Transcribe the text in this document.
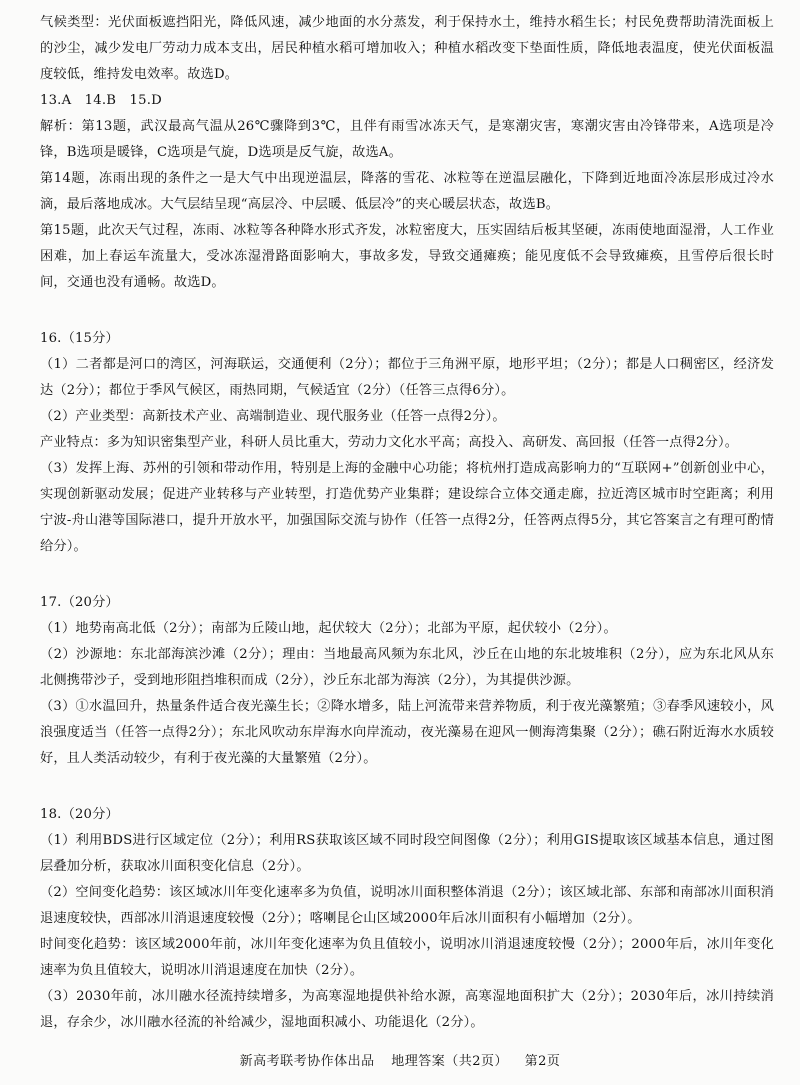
气候类型：光伏面板遮挡阳光，降低风速，减少地面的水分蒸发，利于保持水土，维持水稻生长；村民免费帮助清洗面板上的沙尘，减少发电厂劳动力成本支出，居民种植水稻可增加收入；种植水稻改变下垫面性质，降低地表温度，使光伏面板温度较低，维持发电效率。故选D。

13.A　14.B　15.D

解析：第13题，武汉最高气温从26℃骤降到3℃，且伴有雨雪冰冻天气，是寒潮灾害，寒潮灾害由冷锋带来，A选项是冷锋，B选项是暖锋，C选项是气旋，D选项是反气旋，故选A。

第14题，冻雨出现的条件之一是大气中出现逆温层，降落的雪花、冰粒等在逆温层融化，下降到近地面冷冻层形成过冷水滴，最后落地成冰。大气层结呈现“高层冷、中层暖、低层冷”的夹心暖层状态，故选B。

第15题，此次天气过程，冻雨、冰粒等各种降水形式齐发，冰粒密度大，压实固结后板其坚硬，冻雨使地面湿滑，人工作业困难，加上春运车流量大，受冰冻湿滑路面影响大，事故多发，导致交通瘫痪；能见度低不会导致瘫痪，且雪停后很长时间，交通也没有通畅。故选D。

16.（15分）

（1）二者都是河口的湾区，河海联运，交通便利（2分）；都位于三角洲平原，地形平坦；（2分）；都是人口稠密区，经济发达（2分）；都位于季风气候区，雨热同期，气候适宜（2分）（任答三点得6分）。

（2）产业类型：高新技术产业、高端制造业、现代服务业（任答一点得2分）。

产业特点：多为知识密集型产业，科研人员比重大，劳动力文化水平高；高投入、高研发、高回报（任答一点得2分）。

（3）发挥上海、苏州的引领和带动作用，特别是上海的金融中心功能；将杭州打造成高影响力的“互联网+”创新创业中心，实现创新驱动发展；促进产业转移与产业转型，打造优势产业集群；建设综合立体交通走廊，拉近湾区城市时空距离；利用宁波-舟山港等国际港口，提升开放水平，加强国际交流与协作（任答一点得2分，任答两点得5分，其它答案言之有理可酌情给分）。

17.（20分）

（1）地势南高北低（2分）；南部为丘陵山地，起伏较大（2分）；北部为平原，起伏较小（2分）。

（2）沙源地：东北部海滨沙滩（2分）；理由：当地最高风频为东北风，沙丘在山地的东北坡堆积（2分），应为东北风从东北侧携带沙子，受到地形阻挡堆积而成（2分），沙丘东北部为海滨（2分），为其提供沙源。

（3）①水温回升，热量条件适合夜光藻生长；②降水增多，陆上河流带来营养物质，利于夜光藻繁殖；③春季风速较小，风浪强度适当（任答一点得2分）；东北风吹动东岸海水向岸流动，夜光藻易在迎风一侧海湾集聚（2分）；礁石附近海水水质较好，且人类活动较少，有利于夜光藻的大量繁殖（2分）。

18.（20分）

（1）利用BDS进行区域定位（2分）；利用RS获取该区域不同时段空间图像（2分）；利用GIS提取该区域基本信息，通过图层叠加分析，获取冰川面积变化信息（2分）。

（2）空间变化趋势：该区域冰川年变化速率多为负值，说明冰川面积整体消退（2分）；该区域北部、东部和南部冰川面积消退速度较快，西部冰川消退速度较慢（2分）；喀喇昆仑山区域2000年后冰川面积有小幅增加（2分）。

时间变化趋势：该区域2000年前，冰川年变化速率为负且值较小，说明冰川消退速度较慢（2分）；2000年后，冰川年变化速率为负且值较大，说明冰川消退速度在加快（2分）。

（3）2030年前，冰川融水径流持续增多，为高寒湿地提供补给水源，高寒湿地面积扩大（2分）；2030年后，冰川持续消退，存余少，冰川融水径流的补给减少，湿地面积减小、功能退化（2分）。

新高考联考协作体出品 地理答案（共2页） 第2页
